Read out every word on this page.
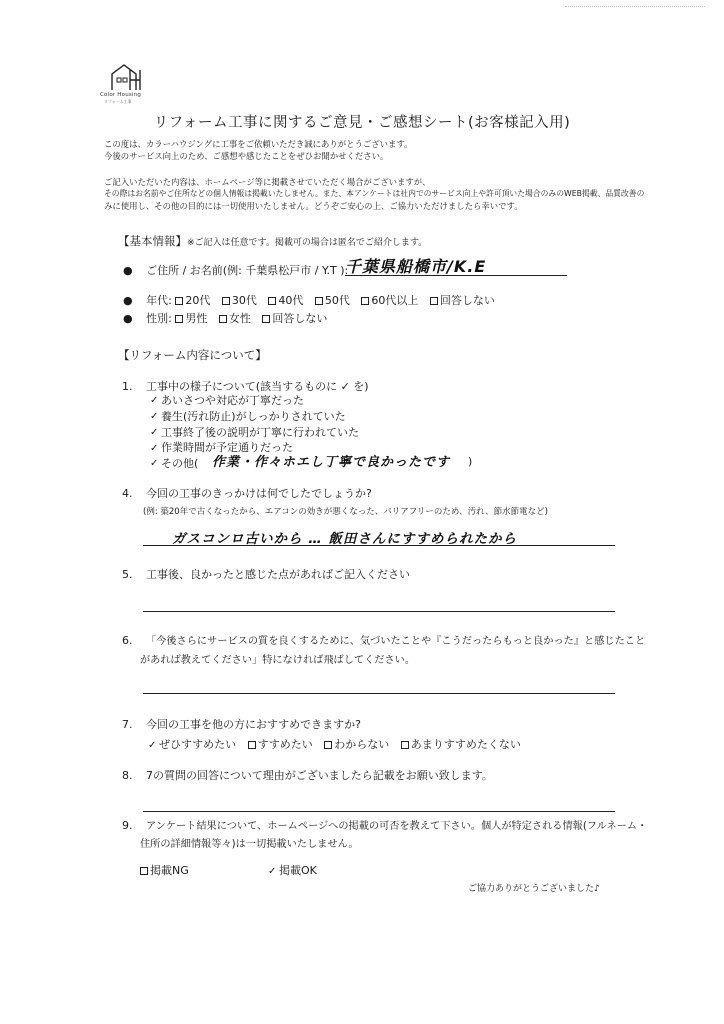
Color Housing
リフォーム工事
リフォーム工事に関するご意見・ご感想シート(お客様記入用)
この度は、カラーハウジングに工事をご依頼いただき誠にありがとうございます。
今後のサービス向上のため、ご感想や感じたことをぜひお聞かせください。
ご記入いただいた内容は、ホームページ等に掲載させていただく場合がございますが、
その際はお名前やご住所などの個人情報は掲載いたしません。また、本アンケートは社内でのサービス向上や許可頂いた場合のみのWEB掲載、品質改善の
みに使用し、その他の目的には一切使用いたしません。どうぞご安心の上、ご協力いただけましたら幸いです。
【基本情報】※ご記入は任意です。掲載可の場合は匿名でご紹介します。
● ご住所 / お名前(例: 千葉県松戸市 / Y.T ):
千葉県船橋市/K.E
● 年代: 20代 30代 40代 50代 60代以上 回答しない
● 性別: 男性 女性 回答しない
【リフォーム内容について】
1. 工事中の様子について(該当するものに ✓ を)
✓ あいさつや対応が丁寧だった
✓ 養生(汚れ防止)がしっかりされていた
✓ 工事終了後の説明が丁寧に行われていた
✓ 作業時間が予定通りだった
✓ その他(	作業・作々ホエし丁寧で良かったです )
4. 今回の工事のきっかけは何でしたでしょうか?
(例: 築20年で古くなったから、エアコンの効きが悪くなった、バリアフリーのため、汚れ、節水節電など)
ガスコンロ古いから … 飯田さんにすすめられたから
5. 工事後、良かったと感じた点があればご記入ください
6. 「今後さらにサービスの質を良くするために、気づいたことや『こうだったらもっと良かった』と感じたこと
があれば教えてください」特になければ飛ばしてください。
7. 今回の工事を他の方におすすめできますか?
✓ ぜひすすめたい すすめたい わからない あまりすすめたくない
8. 7の質問の回答について理由がございましたら記載をお願い致します。
9. アンケート結果について、ホームページへの掲載の可否を教えて下さい。個人が特定される情報(フルネーム・
住所の詳細情報等々)は一切掲載いたしません。
掲載NG	✓ 掲載OK
ご協力ありがとうございました♪
